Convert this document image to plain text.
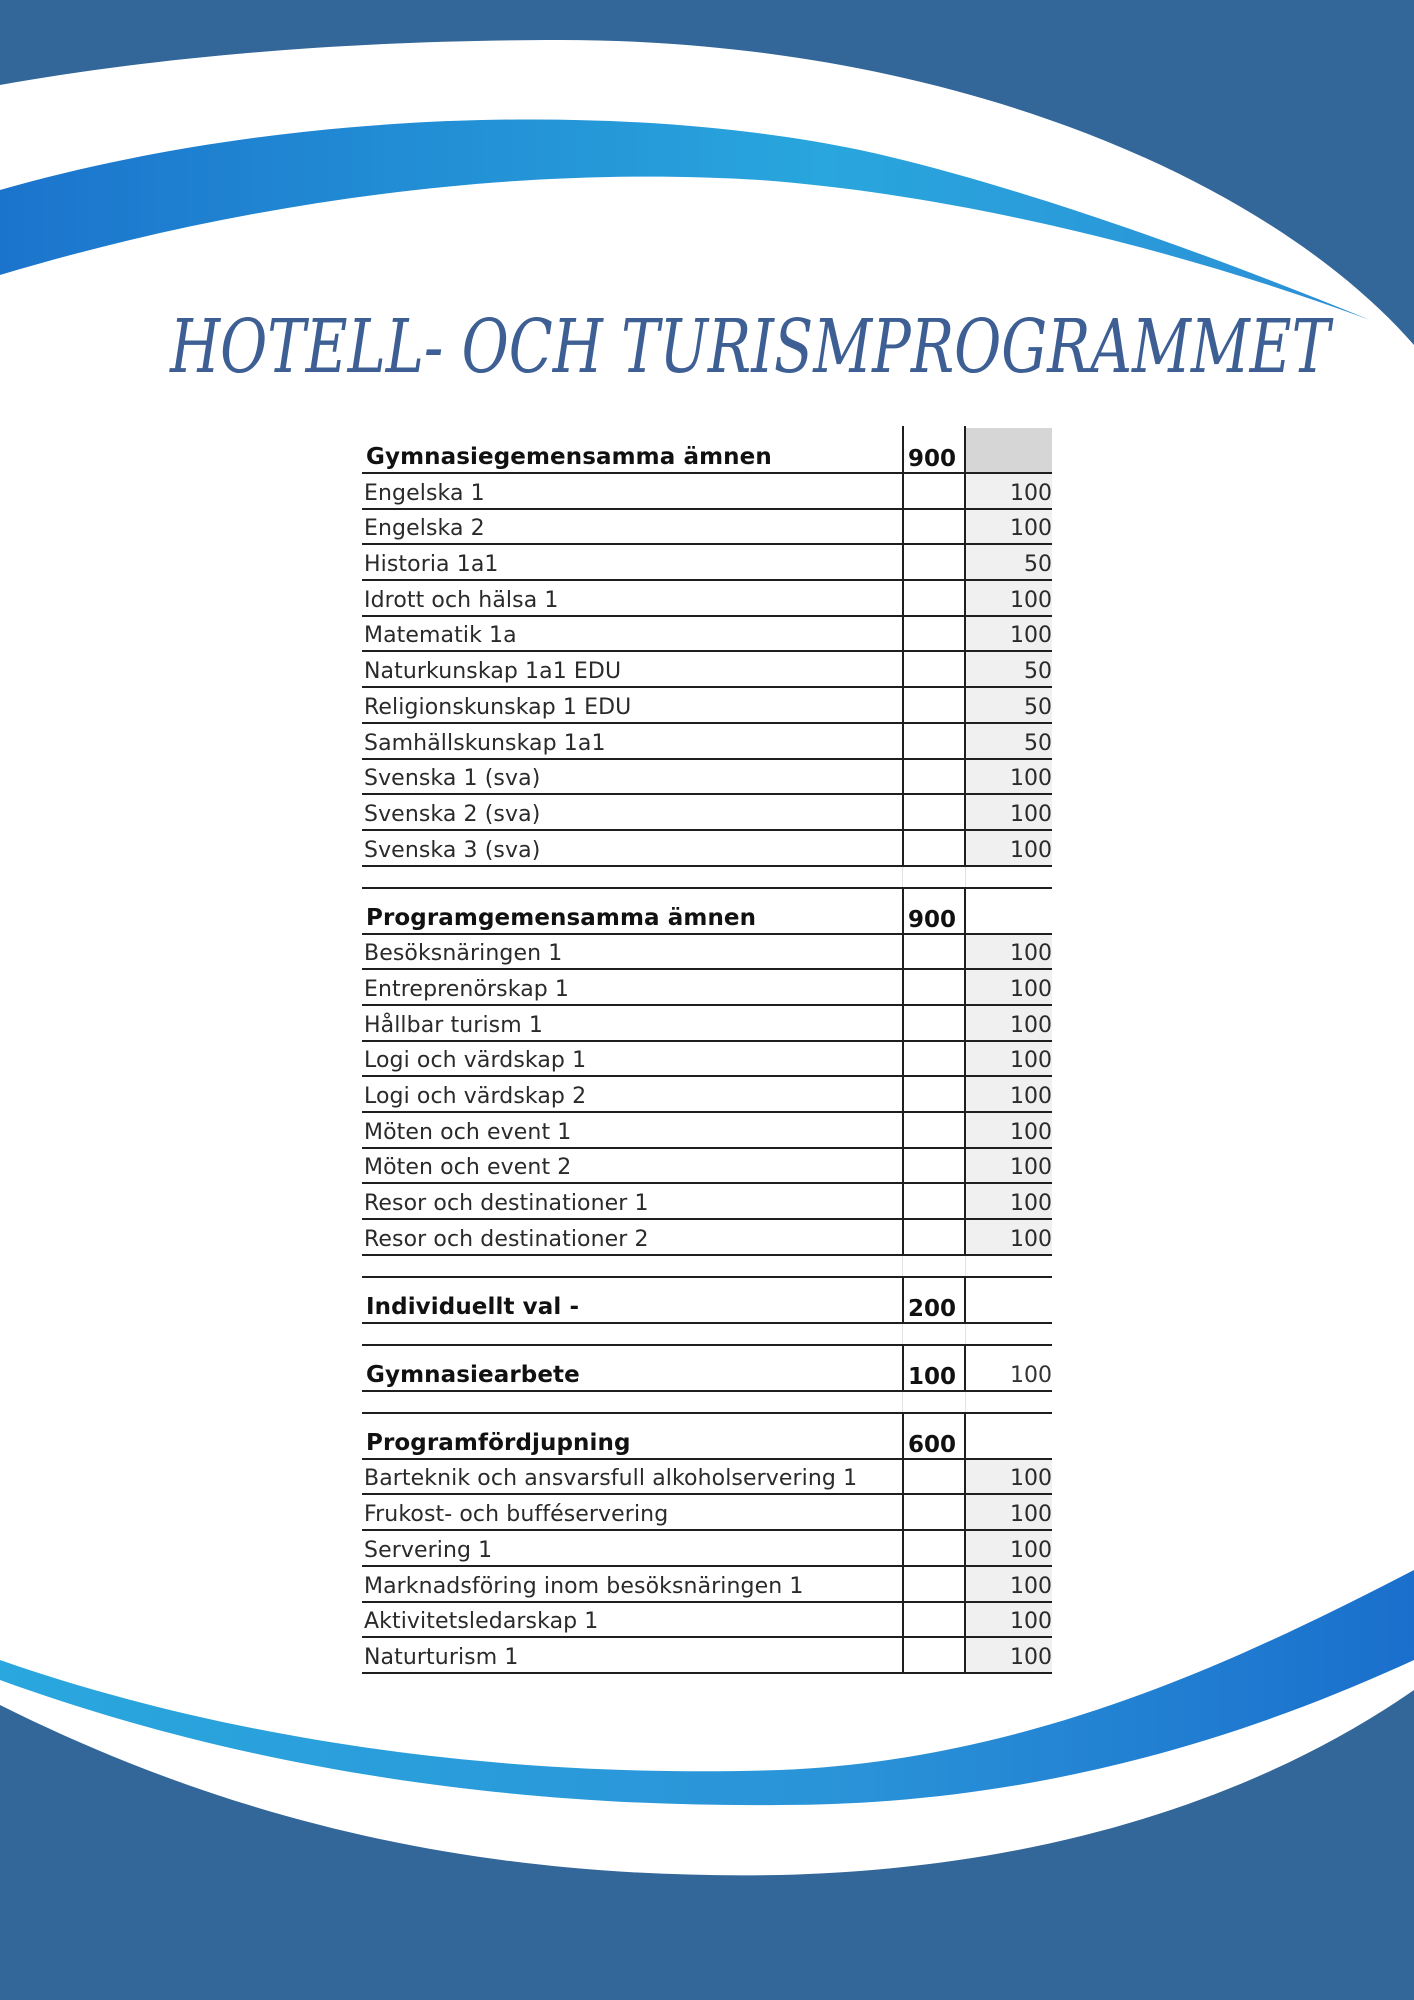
HOTELL- OCH TURISMPROGRAMMET
Gymnasiegemensamma ämnen	900
Engelska 1	100
Engelska 2	100
Historia 1a1	50
Idrott och hälsa 1	100
Matematik 1a	100
Naturkunskap 1a1 EDU	50
Religionskunskap 1 EDU	50
Samhällskunskap 1a1	50
Svenska 1 (sva)	100
Svenska 2 (sva)	100
Svenska 3 (sva)	100
Programgemensamma ämnen	900
Besöksnäringen 1	100
Entreprenörskap 1	100
Hållbar turism 1	100
Logi och värdskap 1	100
Logi och värdskap 2	100
Möten och event 1	100
Möten och event 2	100
Resor och destinationer 1	100
Resor och destinationer 2	100
Individuellt val -	200
Gymnasiearbete	100 100
Programfördjupning	600
Barteknik och ansvarsfull alkoholservering 1	100
Frukost- och bufféservering	100
Servering 1	100
Marknadsföring inom besöksnäringen 1	100
Aktivitetsledarskap 1	100
Naturturism 1	100
